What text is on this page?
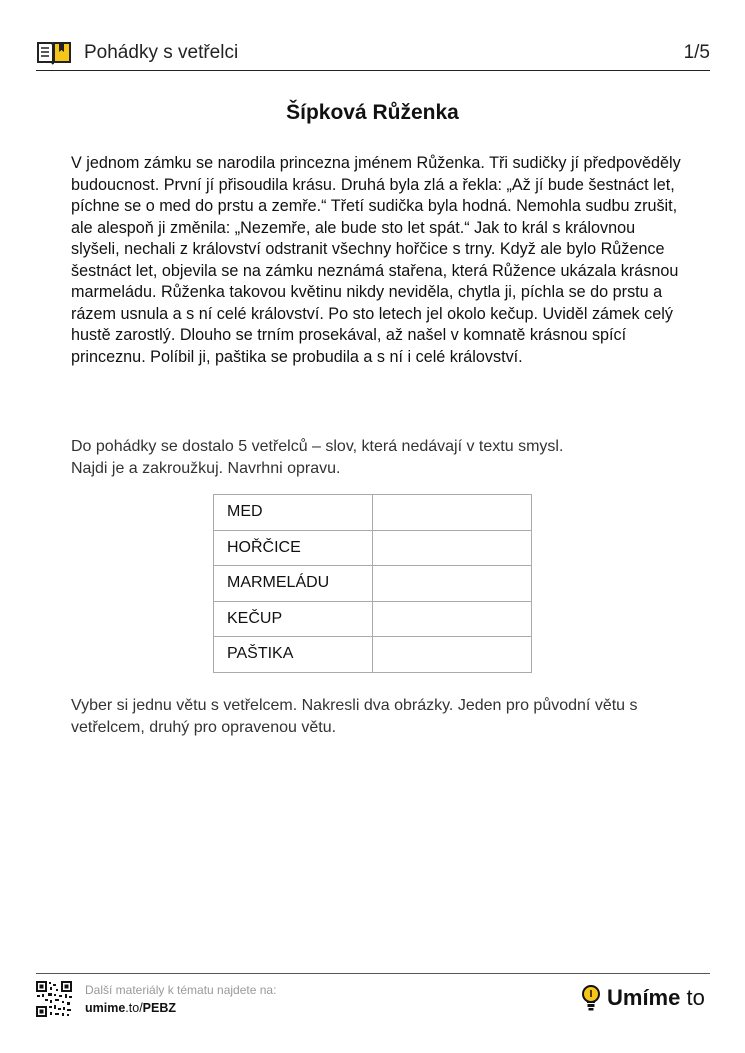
Pohádky s vetřelci	1/5
Šípková Růženka

V jednom zámku se narodila princezna jménem Růženka. Tři sudičky jí předpověděly budoucnost. První jí přisoudila krásu. Druhá byla zlá a řekla: „Až jí bude šestnáct let, píchne se o med do prstu a zemře.“ Třetí sudička byla hodná. Nemohla sudbu zrušit, ale alespoň ji změnila: „Nezemře, ale bude sto let spát.“ Jak to král s královnou slyšeli, nechali z království odstranit všechny hořčice s trny. Když ale bylo Růžence šestnáct let, objevila se na zámku neznámá stařena, která Růžence ukázala krásnou marmeládu. Růženka takovou květinu nikdy neviděla, chytla ji, píchla se do prstu a rázem usnula a s ní celé království. Po sto letech jel okolo kečup. Uviděl zámek celý hustě zarostlý. Dlouho se trním prosekával, až našel v komnatě krásnou spící princeznu. Políbil ji, paštika se probudila a s ní i celé království.

Do pohádky se dostalo 5 vetřelců – slov, která nedávají v textu smysl.
Najdi je a zakroužkuj. Navrhni opravu.
MED	
HOŘČICE	
MARMELÁDU	
KEČUP	
PAŠTIKA	

Vyber si jednu větu s vetřelcem. Nakresli dva obrázky. Jeden pro původní větu s vetřelcem, druhý pro opravenou větu.

Další materiály k tématu najdete na:
umime.to/PEBZ	Umíme to
